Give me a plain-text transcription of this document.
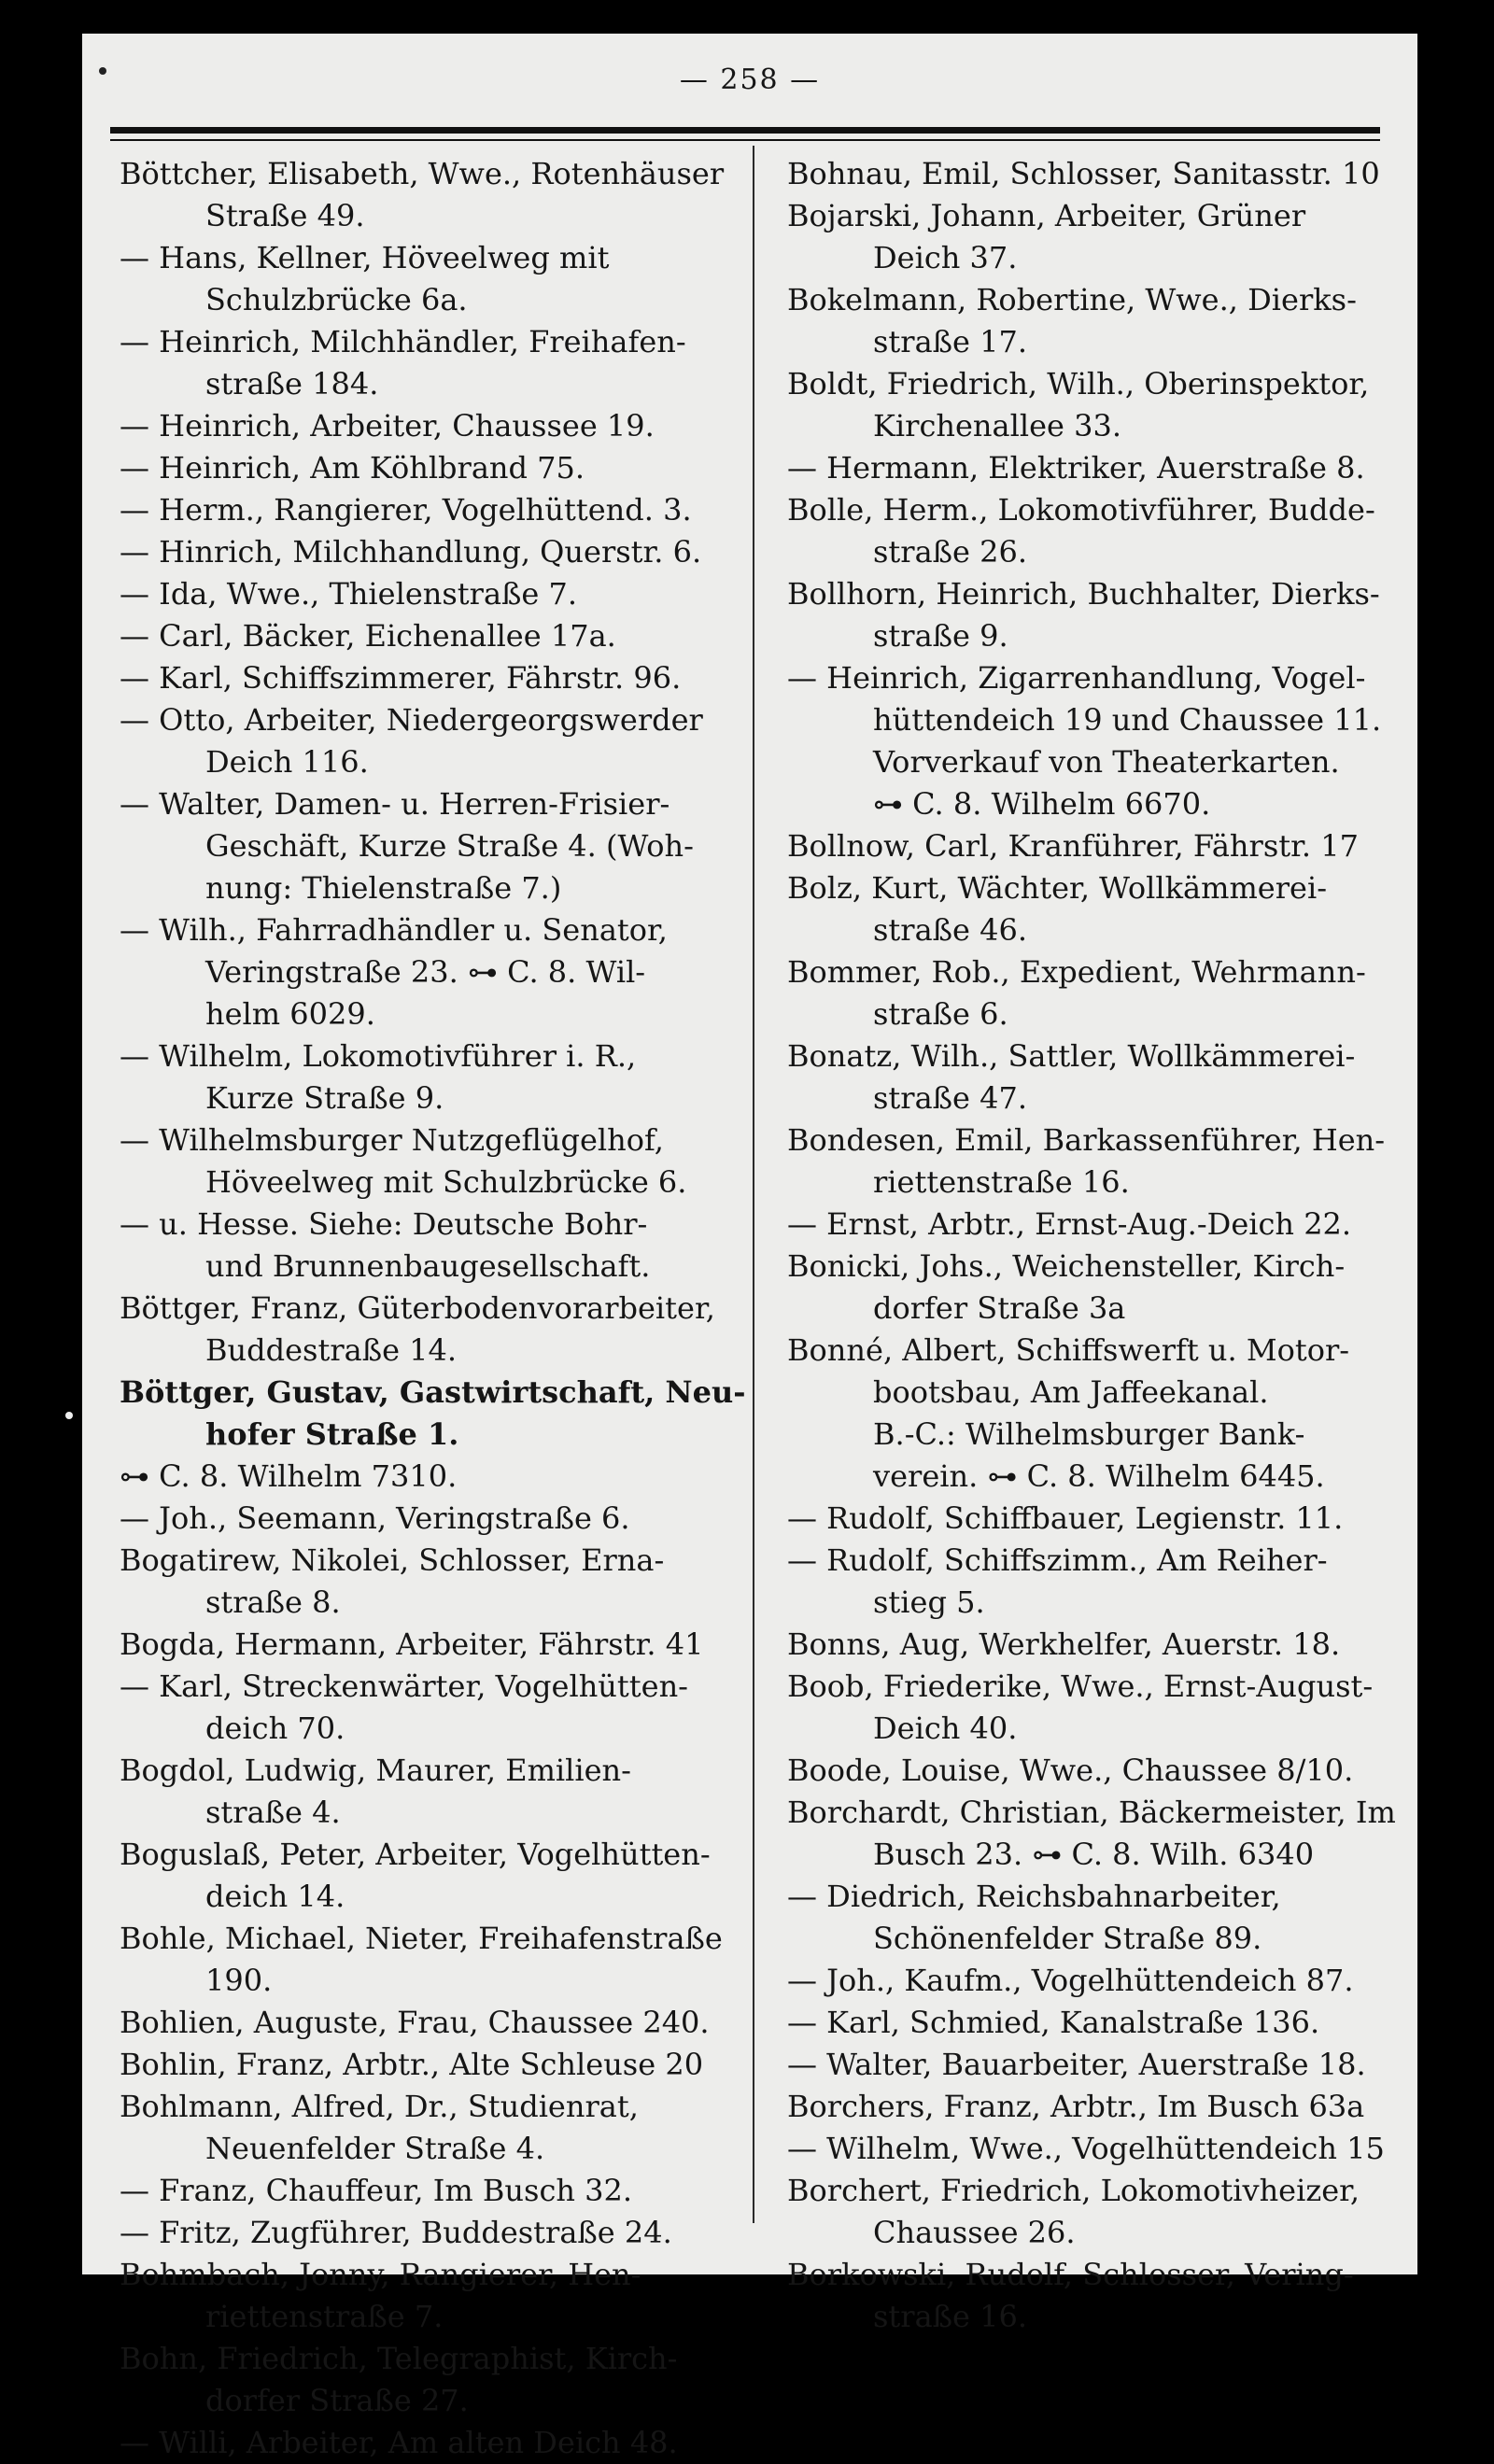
— 258 —

Böttcher, Elisabeth, Wwe., Rotenhäuser

Straße 49.

— Hans, Kellner, Höveelweg mit

Schulzbrücke 6a.

— Heinrich, Milchhändler, Freihafen-

straße 184.

— Heinrich, Arbeiter, Chaussee 19.

— Heinrich, Am Köhlbrand 75.

— Herm., Rangierer, Vogelhüttend. 3.

— Hinrich, Milchhandlung, Querstr. 6.

— Ida, Wwe., Thielenstraße 7.

— Carl, Bäcker, Eichenallee 17a.

— Karl, Schiffszimmerer, Fährstr. 96.

— Otto, Arbeiter, Niedergeorgswerder

Deich 116.

— Walter, Damen- u. Herren-Frisier-

Geschäft, Kurze Straße 4. (Woh-

nung: Thielenstraße 7.)

— Wilh., Fahrradhändler u. Senator,

Veringstraße 23. ⊶ C. 8. Wil-

helm 6029.

— Wilhelm, Lokomotivführer i. R.,

Kurze Straße 9.

— Wilhelmsburger Nutzgeflügelhof,

Höveelweg mit Schulzbrücke 6.

— u. Hesse. Siehe: Deutsche Bohr-

und Brunnenbaugesellschaft.

Böttger, Franz, Güterbodenvorarbeiter,

Buddestraße 14.

Böttger, Gustav, Gastwirtschaft, Neu-

hofer Straße 1.

⊶ C. 8. Wilhelm 7310.

— Joh., Seemann, Veringstraße 6.

Bogatirew, Nikolei, Schlosser, Erna-

straße 8.

Bogda, Hermann, Arbeiter, Fährstr. 41

— Karl, Streckenwärter, Vogelhütten-

deich 70.

Bogdol, Ludwig, Maurer, Emilien-

straße 4.

Boguslaß, Peter, Arbeiter, Vogelhütten-

deich 14.

Bohle, Michael, Nieter, Freihafenstraße

190.

Bohlien, Auguste, Frau, Chaussee 240.

Bohlin, Franz, Arbtr., Alte Schleuse 20

Bohlmann, Alfred, Dr., Studienrat,

Neuenfelder Straße 4.

— Franz, Chauffeur, Im Busch 32.

— Fritz, Zugführer, Buddestraße 24.

Bohmbach, Jonny, Rangierer, Hen-

riettenstraße 7.

Bohn, Friedrich, Telegraphist, Kirch-

dorfer Straße 27.

— Willi, Arbeiter, Am alten Deich 48.

Bohnau, Emil, Schlosser, Sanitasstr. 10

Bojarski, Johann, Arbeiter, Grüner

Deich 37.

Bokelmann, Robertine, Wwe., Dierks-

straße 17.

Boldt, Friedrich, Wilh., Oberinspektor,

Kirchenallee 33.

— Hermann, Elektriker, Auerstraße 8.

Bolle, Herm., Lokomotivführer, Budde-

straße 26.

Bollhorn, Heinrich, Buchhalter, Dierks-

straße 9.

— Heinrich, Zigarrenhandlung, Vogel-

hüttendeich 19 und Chaussee 11.

Vorverkauf von Theaterkarten.

⊶ C. 8. Wilhelm 6670.

Bollnow, Carl, Kranführer, Fährstr. 17

Bolz, Kurt, Wächter, Wollkämmerei-

straße 46.

Bommer, Rob., Expedient, Wehrmann-

straße 6.

Bonatz, Wilh., Sattler, Wollkämmerei-

straße 47.

Bondesen, Emil, Barkassenführer, Hen-

riettenstraße 16.

— Ernst, Arbtr., Ernst-Aug.-Deich 22.

Bonicki, Johs., Weichensteller, Kirch-

dorfer Straße 3a

Bonné, Albert, Schiffswerft u. Motor-

bootsbau, Am Jaffeekanal.

B.-C.: Wilhelmsburger Bank-

verein. ⊶ C. 8. Wilhelm 6445.

— Rudolf, Schiffbauer, Legienstr. 11.

— Rudolf, Schiffszimm., Am Reiher-

stieg 5.

Bonns, Aug, Werkhelfer, Auerstr. 18.

Boob, Friederike, Wwe., Ernst-August-

Deich 40.

Boode, Louise, Wwe., Chaussee 8/10.

Borchardt, Christian, Bäckermeister, Im

Busch 23. ⊶ C. 8. Wilh. 6340

— Diedrich, Reichsbahnarbeiter,

Schönenfelder Straße 89.

— Joh., Kaufm., Vogelhüttendeich 87.

— Karl, Schmied, Kanalstraße 136.

— Walter, Bauarbeiter, Auerstraße 18.

Borchers, Franz, Arbtr., Im Busch 63a

— Wilhelm, Wwe., Vogelhüttendeich 15

Borchert, Friedrich, Lokomotivheizer,

Chaussee 26.

Borkowski, Rudolf, Schlosser, Vering-

straße 16.
